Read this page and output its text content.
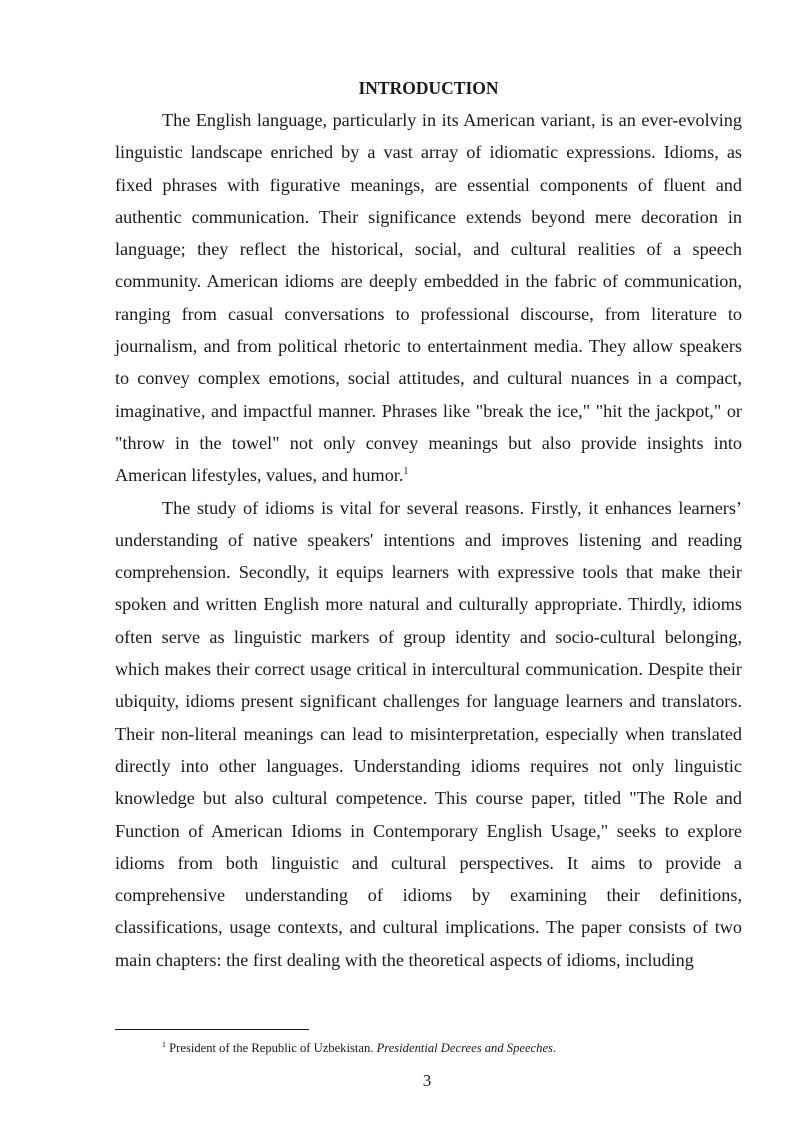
INTRODUCTION

The English language, particularly in its American variant, is an ever-evolving linguistic landscape enriched by a vast array of idiomatic expressions. Idioms, as fixed phrases with figurative meanings, are essential components of fluent and authentic communication. Their significance extends beyond mere decoration in language; they reflect the historical, social, and cultural realities of a speech community. American idioms are deeply embedded in the fabric of communication, ranging from casual conversations to professional discourse, from literature to journalism, and from political rhetoric to entertainment media. They allow speakers to convey complex emotions, social attitudes, and cultural nuances in a compact, imaginative, and impactful manner. Phrases like "break the ice," "hit the jackpot," or "throw in the towel" not only convey meanings but also provide insights into American lifestyles, values, and humor.$^1$

The study of idioms is vital for several reasons. Firstly, it enhances learners’ understanding of native speakers' intentions and improves listening and reading comprehension. Secondly, it equips learners with expressive tools that make their spoken and written English more natural and culturally appropriate. Thirdly, idioms often serve as linguistic markers of group identity and socio-cultural belonging, which makes their correct usage critical in intercultural communication. Despite their ubiquity, idioms present significant challenges for language learners and translators. Their non-literal meanings can lead to misinterpretation, especially when translated directly into other languages. Understanding idioms requires not only linguistic knowledge but also cultural competence. This course paper, titled "The Role and Function of American Idioms in Contemporary English Usage," seeks to explore idioms from both linguistic and cultural perspectives. It aims to provide a comprehensive understanding of idioms by examining their definitions, classifications, usage contexts, and cultural implications. The paper consists of two main chapters: the first dealing with the theoretical aspects of idioms, including

$^1$ President of the Republic of Uzbekistan. Presidential Decrees and Speeches.

3
